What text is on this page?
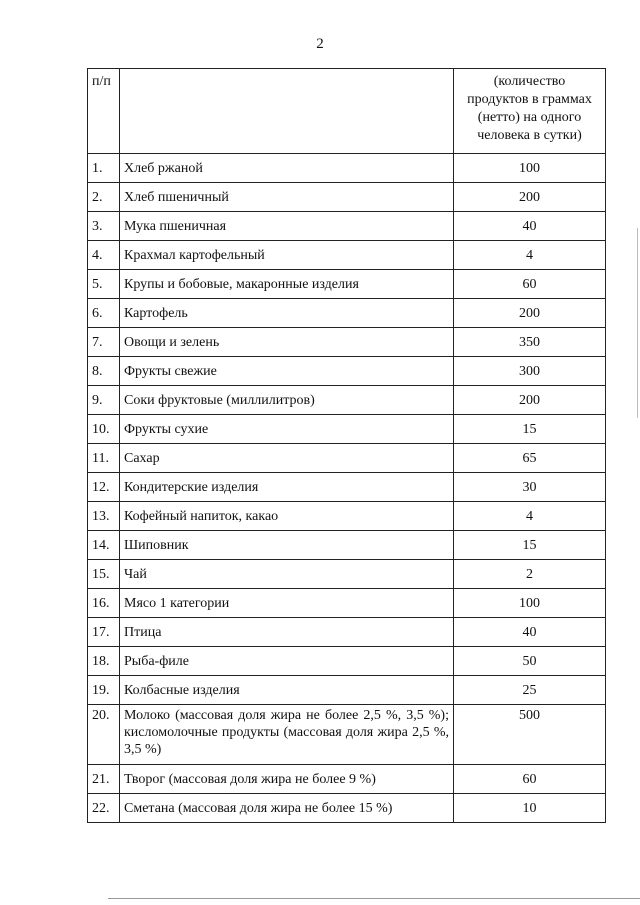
2
п/п		(количество
продуктов в граммах
(нетто) на одного
человека в сутки)

1.	Хлеб ржаной	100
2.	Хлеб пшеничный	200
3.	Мука пшеничная	40
4.	Крахмал картофельный	4
5.	Крупы и бобовые, макаронные изделия	60
6.	Картофель	200
7.	Овощи и зелень	350
8.	Фрукты свежие	300
9.	Соки фруктовые (миллилитров)	200
10.	Фрукты сухие	15
11.	Сахар	65
12.	Кондитерские изделия	30
13.	Кофейный напиток, какао	4
14.	Шиповник	15
15.	Чай	2
16.	Мясо 1 категории	100
17.	Птица	40
18.	Рыба-филе	50
19.	Колбасные изделия	25
20.	Молоко (массовая доля жира не более 2,5 %, 3,5 %); кисломолочные продукты (массовая доля жира 2,5 %, 3,5 %)	500
21.	Творог (массовая доля жира не более 9 %)	60
22.	Сметана (массовая доля жира не более 15 %)	10
